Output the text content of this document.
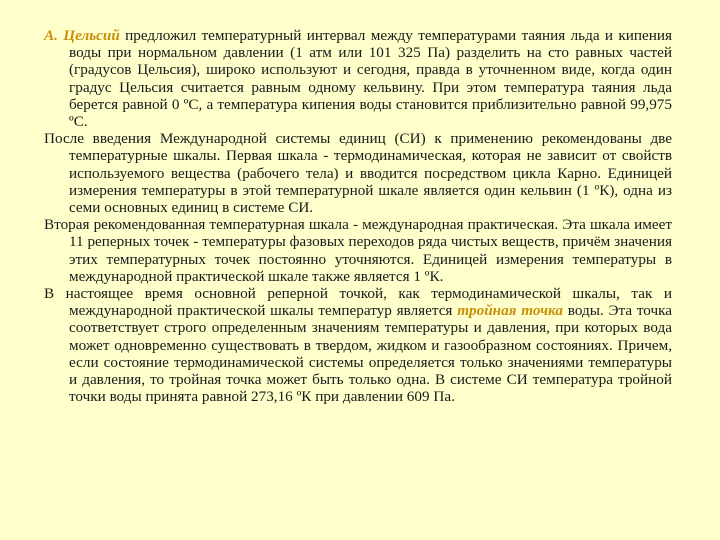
А. Цельсий предложил температурный интервал между температурами таяния льда и кипения воды при нормальном давлении (1 атм или 101 325 Па) разделить на сто равных частей (градусов Цельсия), широко используют и сегодня, правда в уточненном виде, когда один градус Цельсия считается равным одному кельвину. При этом температура таяния льда берется равной 0 ºС, а температура кипения воды становится приблизительно равной 99,975 ºС.

После введения Международной системы единиц (СИ) к применению рекомендованы две температурные шкалы. Первая шкала - термодинамическая, которая не зависит от свойств используемого вещества (рабочего тела) и вводится посредством цикла Карно. Единицей измерения температуры в этой температурной шкале является один кельвин (1 ºК), одна из семи основных единиц в системе СИ.

Вторая рекомендованная температурная шкала - международная практическая. Эта шкала имеет 11 реперных точек - температуры фазовых переходов ряда чистых веществ, причём значения этих температурных точек постоянно уточняются. Единицей измерения температуры в международной практической шкале также является 1 ºК.

В настоящее время основной реперной точкой, как термодинамической шкалы, так и международной практической шкалы температур является тройная точка воды. Эта точка соответствует строго определенным значениям температуры и давления, при которых вода может одновременно существовать в твердом, жидком и газообразном состояниях. Причем, если состояние термодинамической системы определяется только значениями температуры и давления, то тройная точка может быть только одна. В системе СИ температура тройной точки воды принята равной 273,16 ºК при давлении 609 Па.
